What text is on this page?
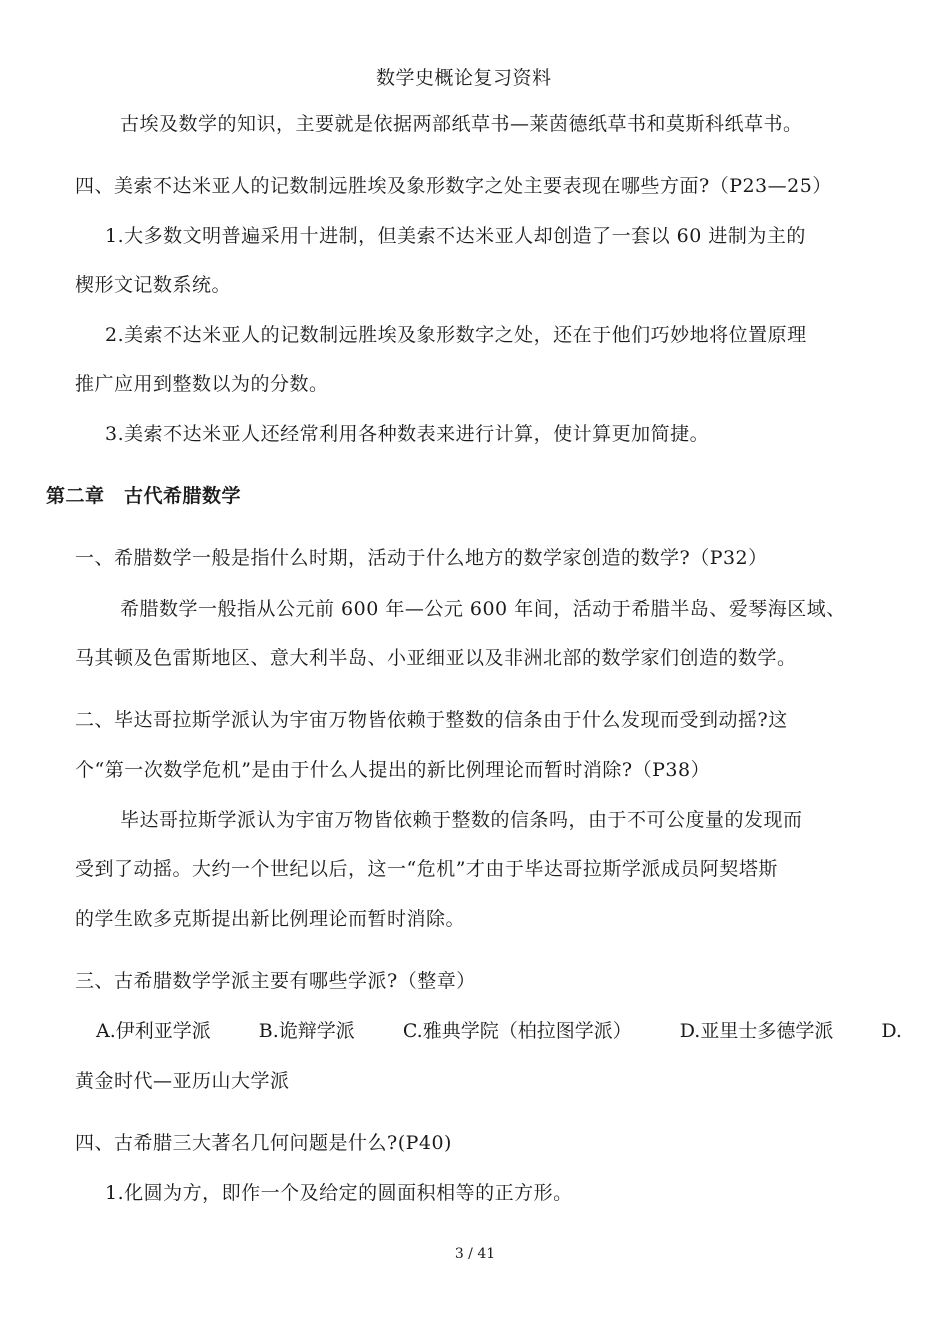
数学史概论复习资料
古埃及数学的知识，主要就是依据两部纸草书—莱茵德纸草书和莫斯科纸草书。
四、美索不达米亚人的记数制远胜埃及象形数字之处主要表现在哪些方面?（P23—25）
1.大多数文明普遍采用十进制，但美索不达米亚人却创造了一套以 60 进制为主的
楔形文记数系统。
2.美索不达米亚人的记数制远胜埃及象形数字之处，还在于他们巧妙地将位置原理
推广应用到整数以为的分数。
3.美索不达米亚人还经常利用各种数表来进行计算，使计算更加简捷。
第二章　古代希腊数学
一、希腊数学一般是指什么时期，活动于什么地方的数学家创造的数学?（P32）
希腊数学一般指从公元前 600 年—公元 600 年间，活动于希腊半岛、爱琴海区域、
马其顿及色雷斯地区、意大利半岛、小亚细亚以及非洲北部的数学家们创造的数学。
二、毕达哥拉斯学派认为宇宙万物皆依赖于整数的信条由于什么发现而受到动摇?这
个“第一次数学危机”是由于什么人提出的新比例理论而暂时消除?（P38）
毕达哥拉斯学派认为宇宙万物皆依赖于整数的信条吗，由于不可公度量的发现而
受到了动摇。大约一个世纪以后，这一“危机”才由于毕达哥拉斯学派成员阿契塔斯
的学生欧多克斯提出新比例理论而暂时消除。
三、古希腊数学学派主要有哪些学派?（整章）
A.伊利亚学派	B.诡辩学派	C.雅典学院（柏拉图学派）	D.亚里士多德学派	D.
黄金时代—亚历山大学派
四、古希腊三大著名几何问题是什么?(P40)
1.化圆为方，即作一个及给定的圆面积相等的正方形。
3 / 41
